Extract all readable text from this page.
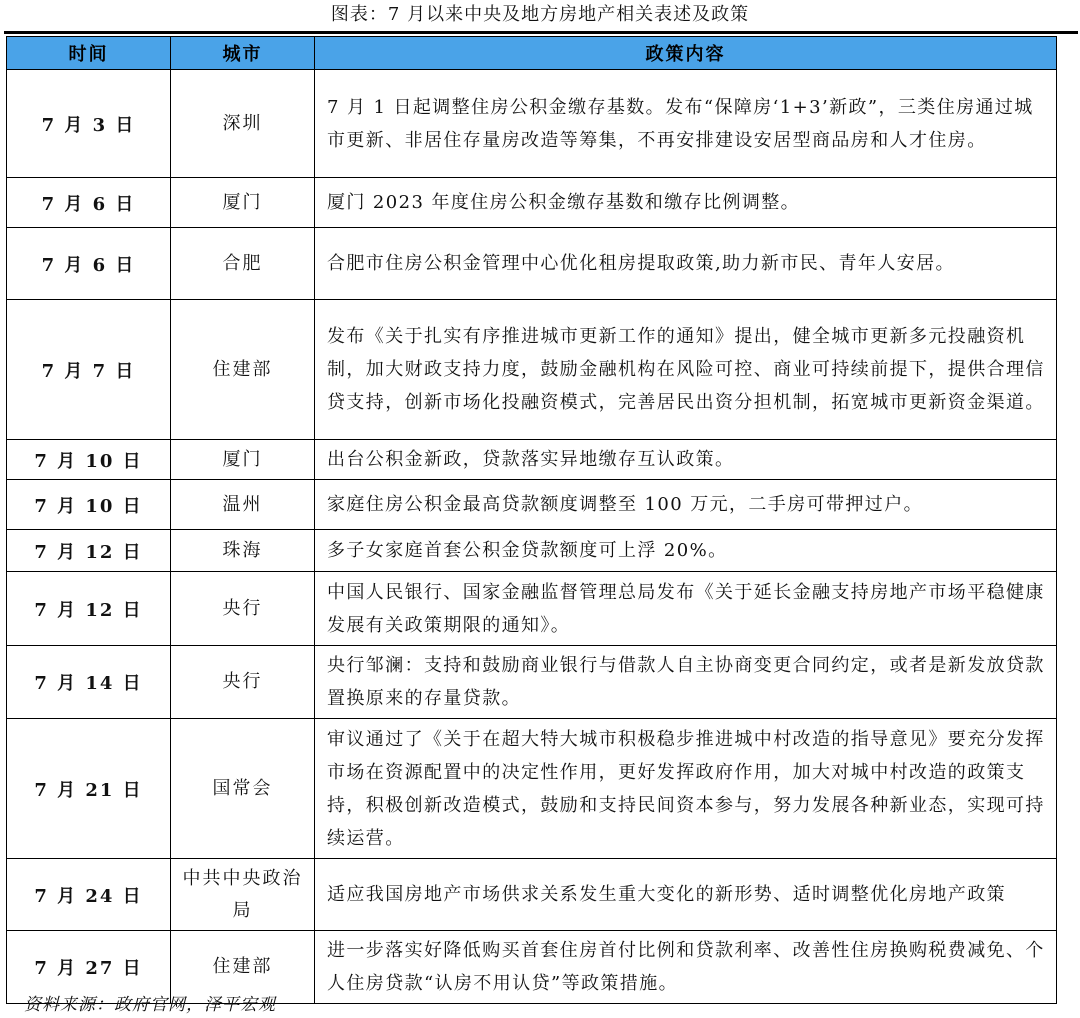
图表：7 月以来中央及地方房地产相关表述及政策
时间	城市	政策内容
7 月 3 日	深圳	7 月 1 日起调整住房公积金缴存基数。发布“保障房‘1+3’新政”，三类住房通过城市更新、非居住存量房改造等筹集，不再安排建设安居型商品房和人才住房。
7 月 6 日	厦门	厦门 2023 年度住房公积金缴存基数和缴存比例调整。
7 月 6 日	合肥	合肥市住房公积金管理中心优化租房提取政策,助力新市民、青年人安居。
7 月 7 日	住建部	发布《关于扎实有序推进城市更新工作的通知》提出，健全城市更新多元投融资机制，加大财政支持力度，鼓励金融机构在风险可控、商业可持续前提下，提供合理信贷支持，创新市场化投融资模式，完善居民出资分担机制，拓宽城市更新资金渠道。
7 月 10 日	厦门	出台公积金新政，贷款落实异地缴存互认政策。
7 月 10 日	温州	家庭住房公积金最高贷款额度调整至 100 万元，二手房可带押过户。
7 月 12 日	珠海	多子女家庭首套公积金贷款额度可上浮 20%。
7 月 12 日	央行	中国人民银行、国家金融监督管理总局发布《关于延长金融支持房地产市场平稳健康发展有关政策期限的通知》。
7 月 14 日	央行	央行邹澜：支持和鼓励商业银行与借款人自主协商变更合同约定，或者是新发放贷款置换原来的存量贷款。
7 月 21 日	国常会	审议通过了《关于在超大特大城市积极稳步推进城中村改造的指导意见》要充分发挥市场在资源配置中的决定性作用，更好发挥政府作用，加大对城中村改造的政策支持，积极创新改造模式，鼓励和支持民间资本参与，努力发展各种新业态，实现可持续运营。
7 月 24 日	中共中央政治局	适应我国房地产市场供求关系发生重大变化的新形势、适时调整优化房地产政策
7 月 27 日	住建部	进一步落实好降低购买首套住房首付比例和贷款利率、改善性住房换购税费减免、个人住房贷款“认房不用认贷”等政策措施。
资料来源：政府官网，泽平宏观
